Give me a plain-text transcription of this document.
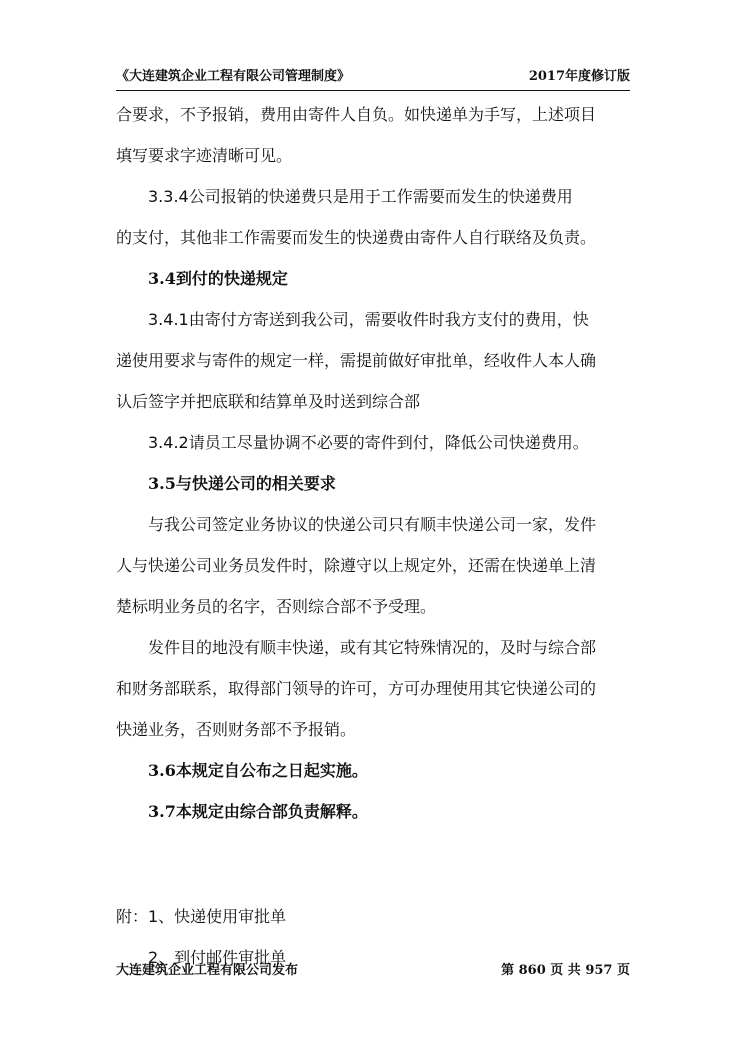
《大连建筑企业工程有限公司管理制度》	2017年度修订版

合要求，不予报销，费用由寄件人自负。如快递单为手写，上述项目

填写要求字迹清晰可见。

3.3.4公司报销的快递费只是用于工作需要而发生的快递费用

的支付，其他非工作需要而发生的快递费由寄件人自行联络及负责。

3.4到付的快递规定

3.4.1由寄付方寄送到我公司，需要收件时我方支付的费用，快

递使用要求与寄件的规定一样，需提前做好审批单，经收件人本人确

认后签字并把底联和结算单及时送到综合部

3.4.2请员工尽量协调不必要的寄件到付，降低公司快递费用。

3.5与快递公司的相关要求

与我公司签定业务协议的快递公司只有顺丰快递公司一家，发件

人与快递公司业务员发件时，除遵守以上规定外，还需在快递单上清

楚标明业务员的名字，否则综合部不予受理。

发件目的地没有顺丰快递，或有其它特殊情况的，及时与综合部

和财务部联系，取得部门领导的许可，方可办理使用其它快递公司的

快递业务，否则财务部不予报销。

3.6本规定自公布之日起实施。

3.7本规定由综合部负责解释。

附：1、快递使用审批单

2、到付邮件审批单

大连建筑企业工程有限公司发布	第 860 页 共 957 页
